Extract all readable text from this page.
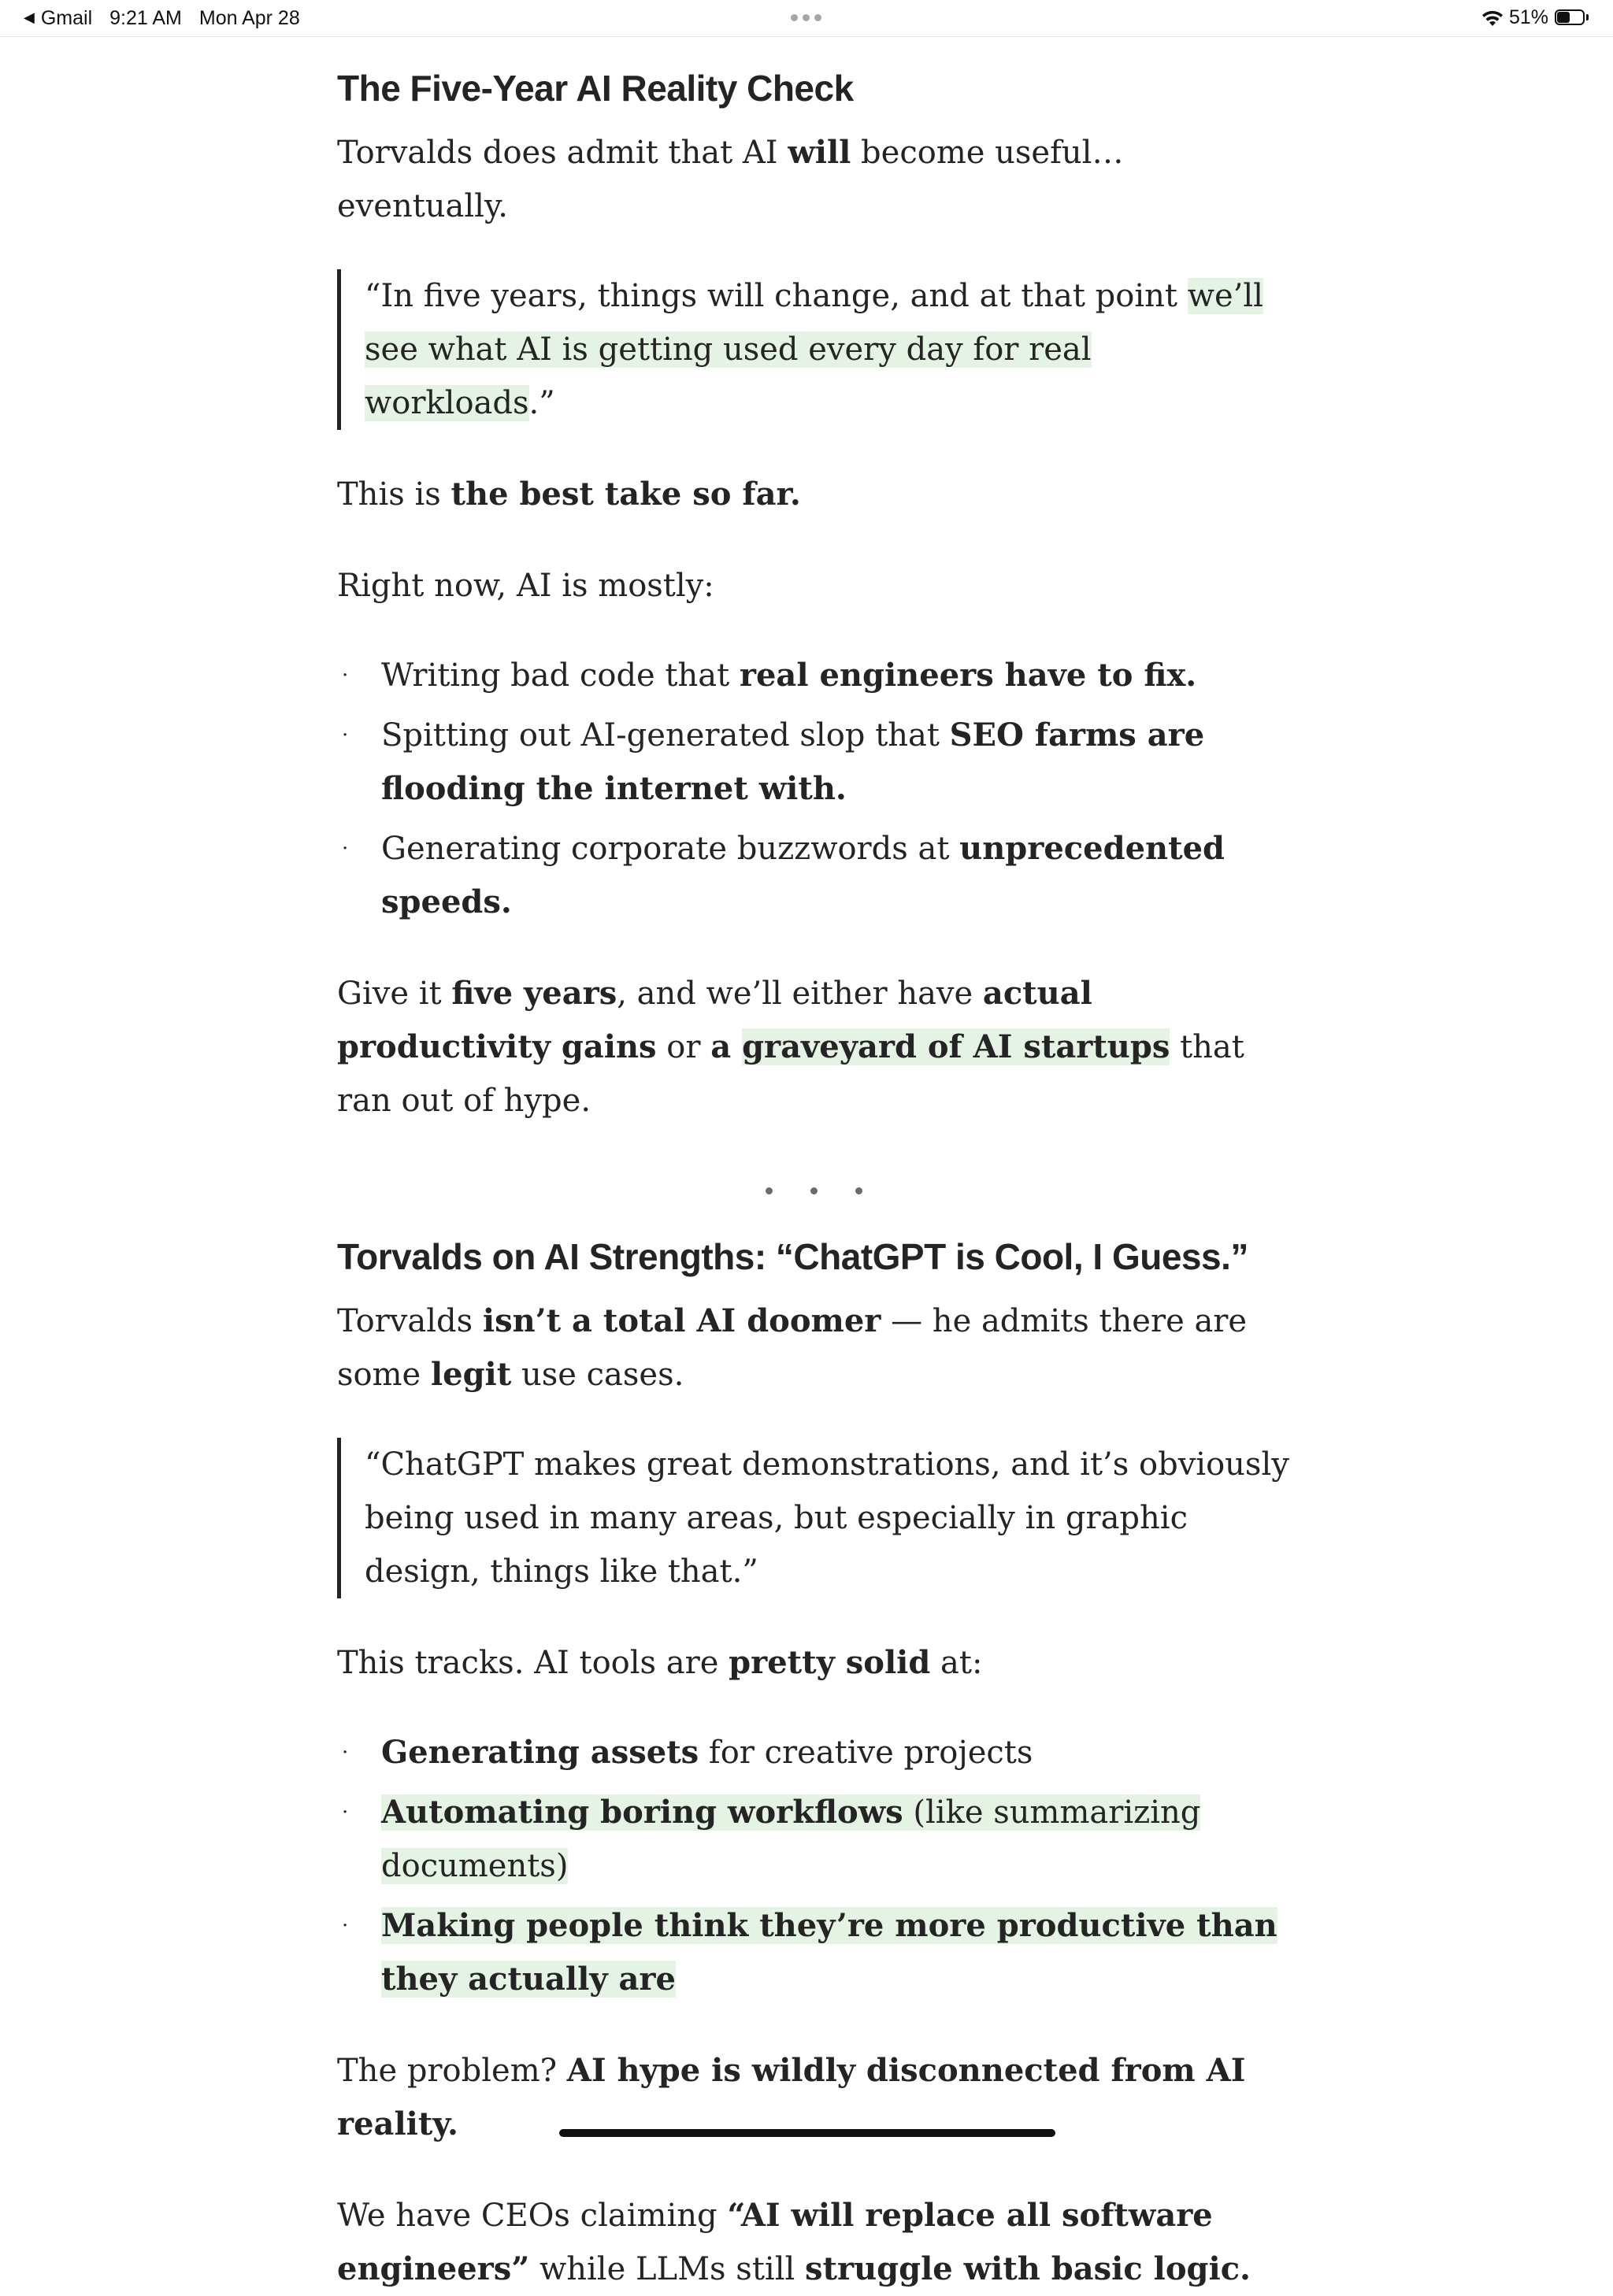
◀ Gmail 9:21 AM Mon Apr 28	51%
The Five-Year AI Reality Check

Torvalds does admit that AI will become useful… eventually.

“In five years, things will change, and at that point we’ll see what AI is getting used every day for real workloads.”

This is the best take so far.

Right now, AI is mostly:

· Writing bad code that real engineers have to fix.
· Spitting out AI-generated slop that SEO farms are flooding the internet with.
· Generating corporate buzzwords at unprecedented speeds.

Give it five years, and we’ll either have actual productivity gains or a graveyard of AI startups that ran out of hype.

Torvalds on AI Strengths: “ChatGPT is Cool, I Guess.”

Torvalds isn’t a total AI doomer — he admits there are some legit use cases.

“ChatGPT makes great demonstrations, and it’s obviously being used in many areas, but especially in graphic design, things like that.”

This tracks. AI tools are pretty solid at:

· Generating assets for creative projects
· Automating boring workflows (like summarizing documents)
· Making people think they’re more productive than they actually are

The problem? AI hype is wildly disconnected from AI reality.

We have CEOs claiming “AI will replace all software engineers” while LLMs still struggle with basic logic.
